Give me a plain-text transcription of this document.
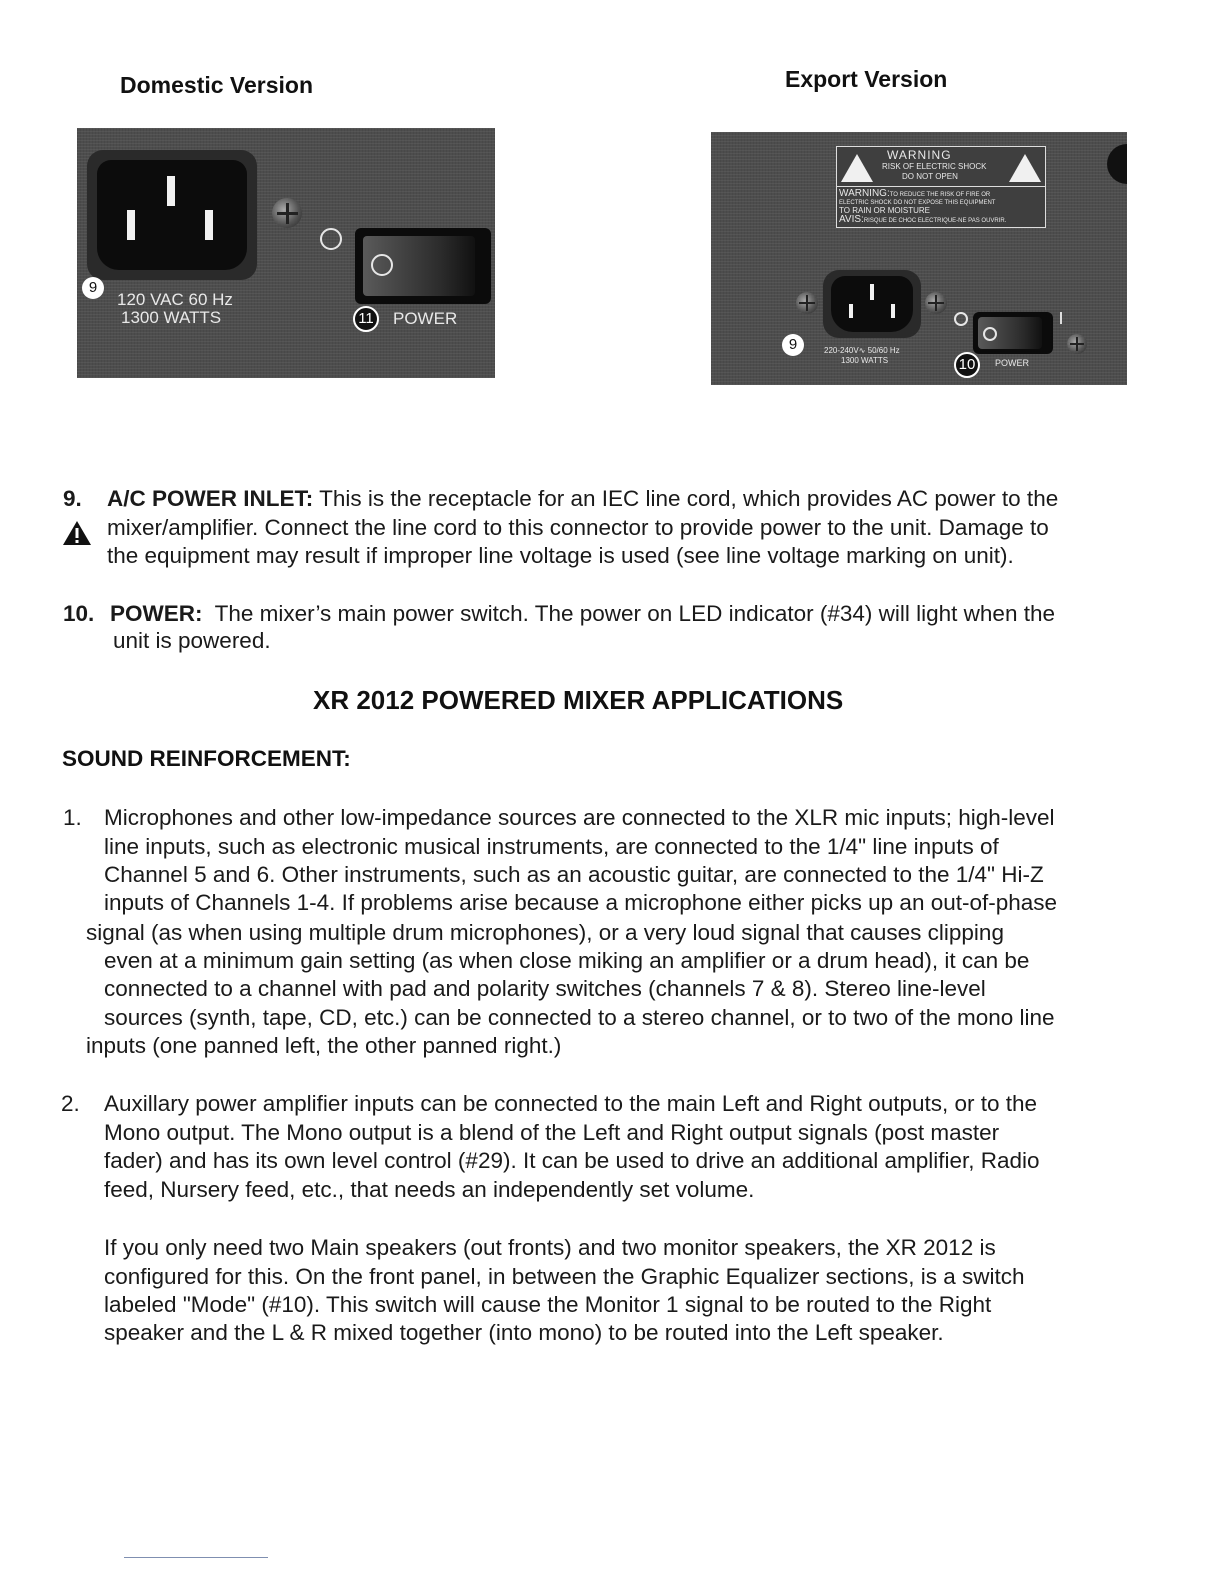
Domestic Version	Export Version
9
120 VAC 60 Hz
1300 WATTS	11	POWER
WARNING
RISK OF ELECTRIC SHOCK
DO NOT OPEN
WARNING:TO REDUCE THE RISK OF FIRE OR
ELECTRIC SHOCK DO NOT EXPOSE THIS EQUIPMENT
TO RAIN OR MOISTURE
AVIS:RISQUE DE CHOC ELECTRIQUE-NE PAS OUVRIR.
9	220-240V∿ 50/60 Hz
1300 WATTS	10	POWER
9. A/C POWER INLET: This is the receptacle for an IEC line cord, which provides AC power to the
mixer/amplifier. Connect the line cord to this connector to provide power to the unit. Damage to
the equipment may result if improper line voltage is used (see line voltage marking on unit).
10. POWER: The mixer’s main power switch. The power on LED indicator (#34) will light when the
unit is powered.
XR 2012 POWERED MIXER APPLICATIONS
SOUND REINFORCEMENT:
1. Microphones and other low-impedance sources are connected to the XLR mic inputs; high-level
line inputs, such as electronic musical instruments, are connected to the 1/4" line inputs of
Channel 5 and 6. Other instruments, such as an acoustic guitar, are connected to the 1/4" Hi-Z
inputs of Channels 1-4. If problems arise because a microphone either picks up an out-of-phase
signal (as when using multiple drum microphones), or a very loud signal that causes clipping
even at a minimum gain setting (as when close miking an amplifier or a drum head), it can be
connected to a channel with pad and polarity switches (channels 7 & 8). Stereo line-level
sources (synth, tape, CD, etc.) can be connected to a stereo channel, or to two of the mono line
inputs (one panned left, the other panned right.)
2. Auxillary power amplifier inputs can be connected to the main Left and Right outputs, or to the
Mono output. The Mono output is a blend of the Left and Right output signals (post master
fader) and has its own level control (#29). It can be used to drive an additional amplifier, Radio
feed, Nursery feed, etc., that needs an independently set volume.
If you only need two Main speakers (out fronts) and two monitor speakers, the XR 2012 is
configured for this. On the front panel, in between the Graphic Equalizer sections, is a switch
labeled "Mode" (#10). This switch will cause the Monitor 1 signal to be routed to the Right
speaker and the L & R mixed together (into mono) to be routed into the Left speaker.
